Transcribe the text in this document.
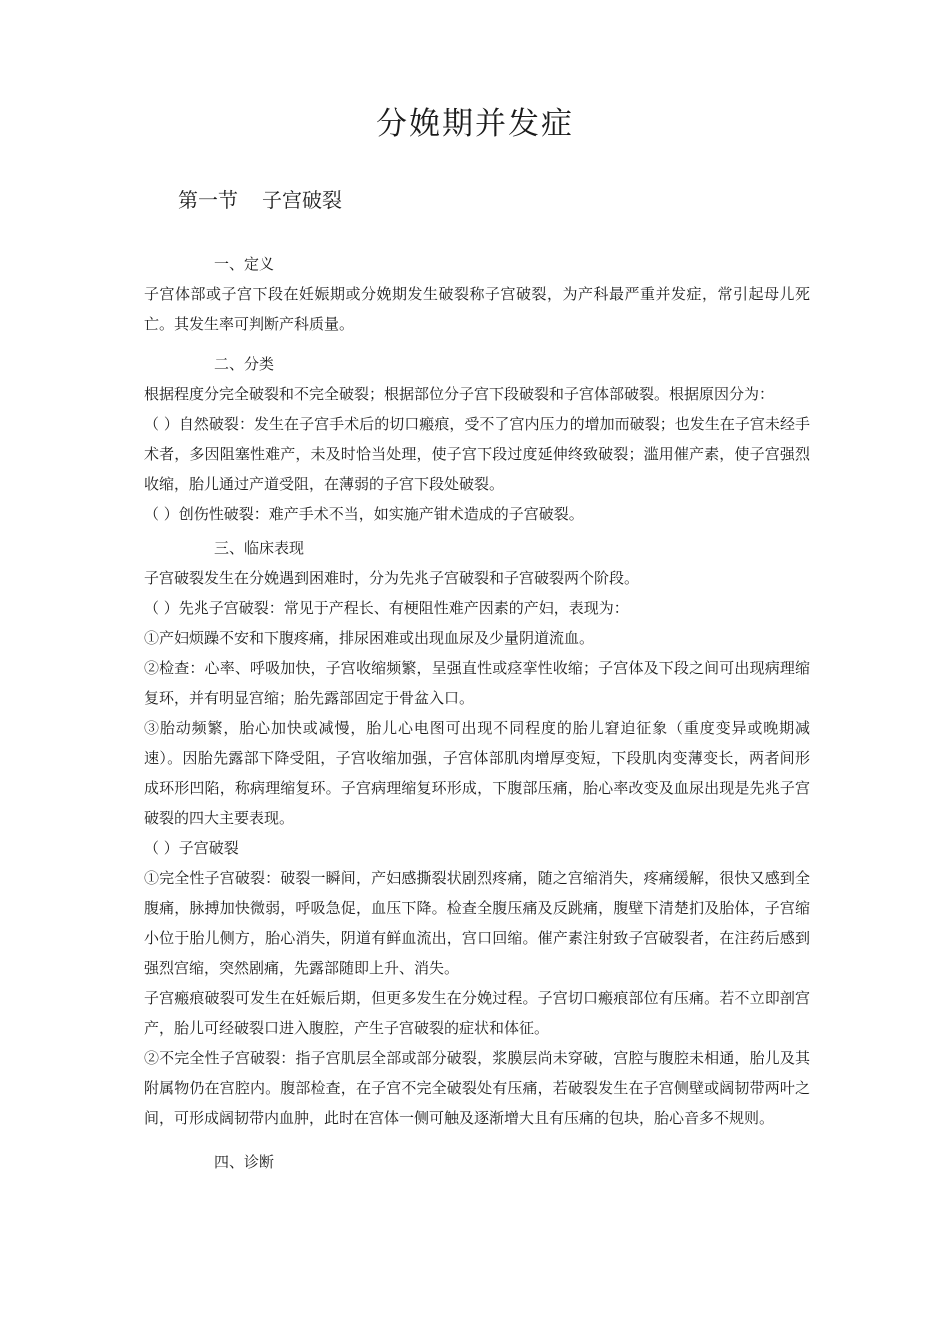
分娩期并发症
第一节 子宫破裂

一、定义

子宫体部或子宫下段在妊娠期或分娩期发生破裂称子宫破裂，为产科最严重并发症，常引起母儿死亡。其发生率可判断产科质量。

二、分类

根据程度分完全破裂和不完全破裂；根据部位分子宫下段破裂和子宫体部破裂。根据原因分为：

（ ）自然破裂：发生在子宫手术后的切口瘢痕，受不了宫内压力的增加而破裂；也发生在子宫未经手术者，多因阻塞性难产，未及时恰当处理，使子宫下段过度延伸终致破裂；滥用催产素，使子宫强烈收缩，胎儿通过产道受阻，在薄弱的子宫下段处破裂。

（ ）创伤性破裂：难产手术不当，如实施产钳术造成的子宫破裂。

三、临床表现

子宫破裂发生在分娩遇到困难时，分为先兆子宫破裂和子宫破裂两个阶段。

（ ）先兆子宫破裂：常见于产程长、有梗阻性难产因素的产妇，表现为：

①产妇烦躁不安和下腹疼痛，排尿困难或出现血尿及少量阴道流血。

②检查：心率、呼吸加快，子宫收缩频繁，呈强直性或痉挛性收缩；子宫体及下段之间可出现病理缩复环，并有明显宫缩；胎先露部固定于骨盆入口。

③胎动频繁，胎心加快或减慢，胎儿心电图可出现不同程度的胎儿窘迫征象（重度变异或晚期减速）。因胎先露部下降受阻，子宫收缩加强，子宫体部肌肉增厚变短，下段肌肉变薄变长，两者间形成环形凹陷，称病理缩复环。子宫病理缩复环形成，下腹部压痛，胎心率改变及血尿出现是先兆子宫破裂的四大主要表现。

（ ）子宫破裂

①完全性子宫破裂：破裂一瞬间，产妇感撕裂状剧烈疼痛，随之宫缩消失，疼痛缓解，很快又感到全腹痛，脉搏加快微弱，呼吸急促，血压下降。检查全腹压痛及反跳痛，腹壁下清楚扪及胎体，子宫缩小位于胎儿侧方，胎心消失，阴道有鲜血流出，宫口回缩。催产素注射致子宫破裂者，在注药后感到强烈宫缩，突然剧痛，先露部随即上升、消失。

子宫瘢痕破裂可发生在妊娠后期，但更多发生在分娩过程。子宫切口瘢痕部位有压痛。若不立即剖宫产，胎儿可经破裂口进入腹腔，产生子宫破裂的症状和体征。

②不完全性子宫破裂：指子宫肌层全部或部分破裂，浆膜层尚未穿破，宫腔与腹腔未相通，胎儿及其附属物仍在宫腔内。腹部检查，在子宫不完全破裂处有压痛，若破裂发生在子宫侧壁或阔韧带两叶之间，可形成阔韧带内血肿，此时在宫体一侧可触及逐渐增大且有压痛的包块，胎心音多不规则。

四、诊断
